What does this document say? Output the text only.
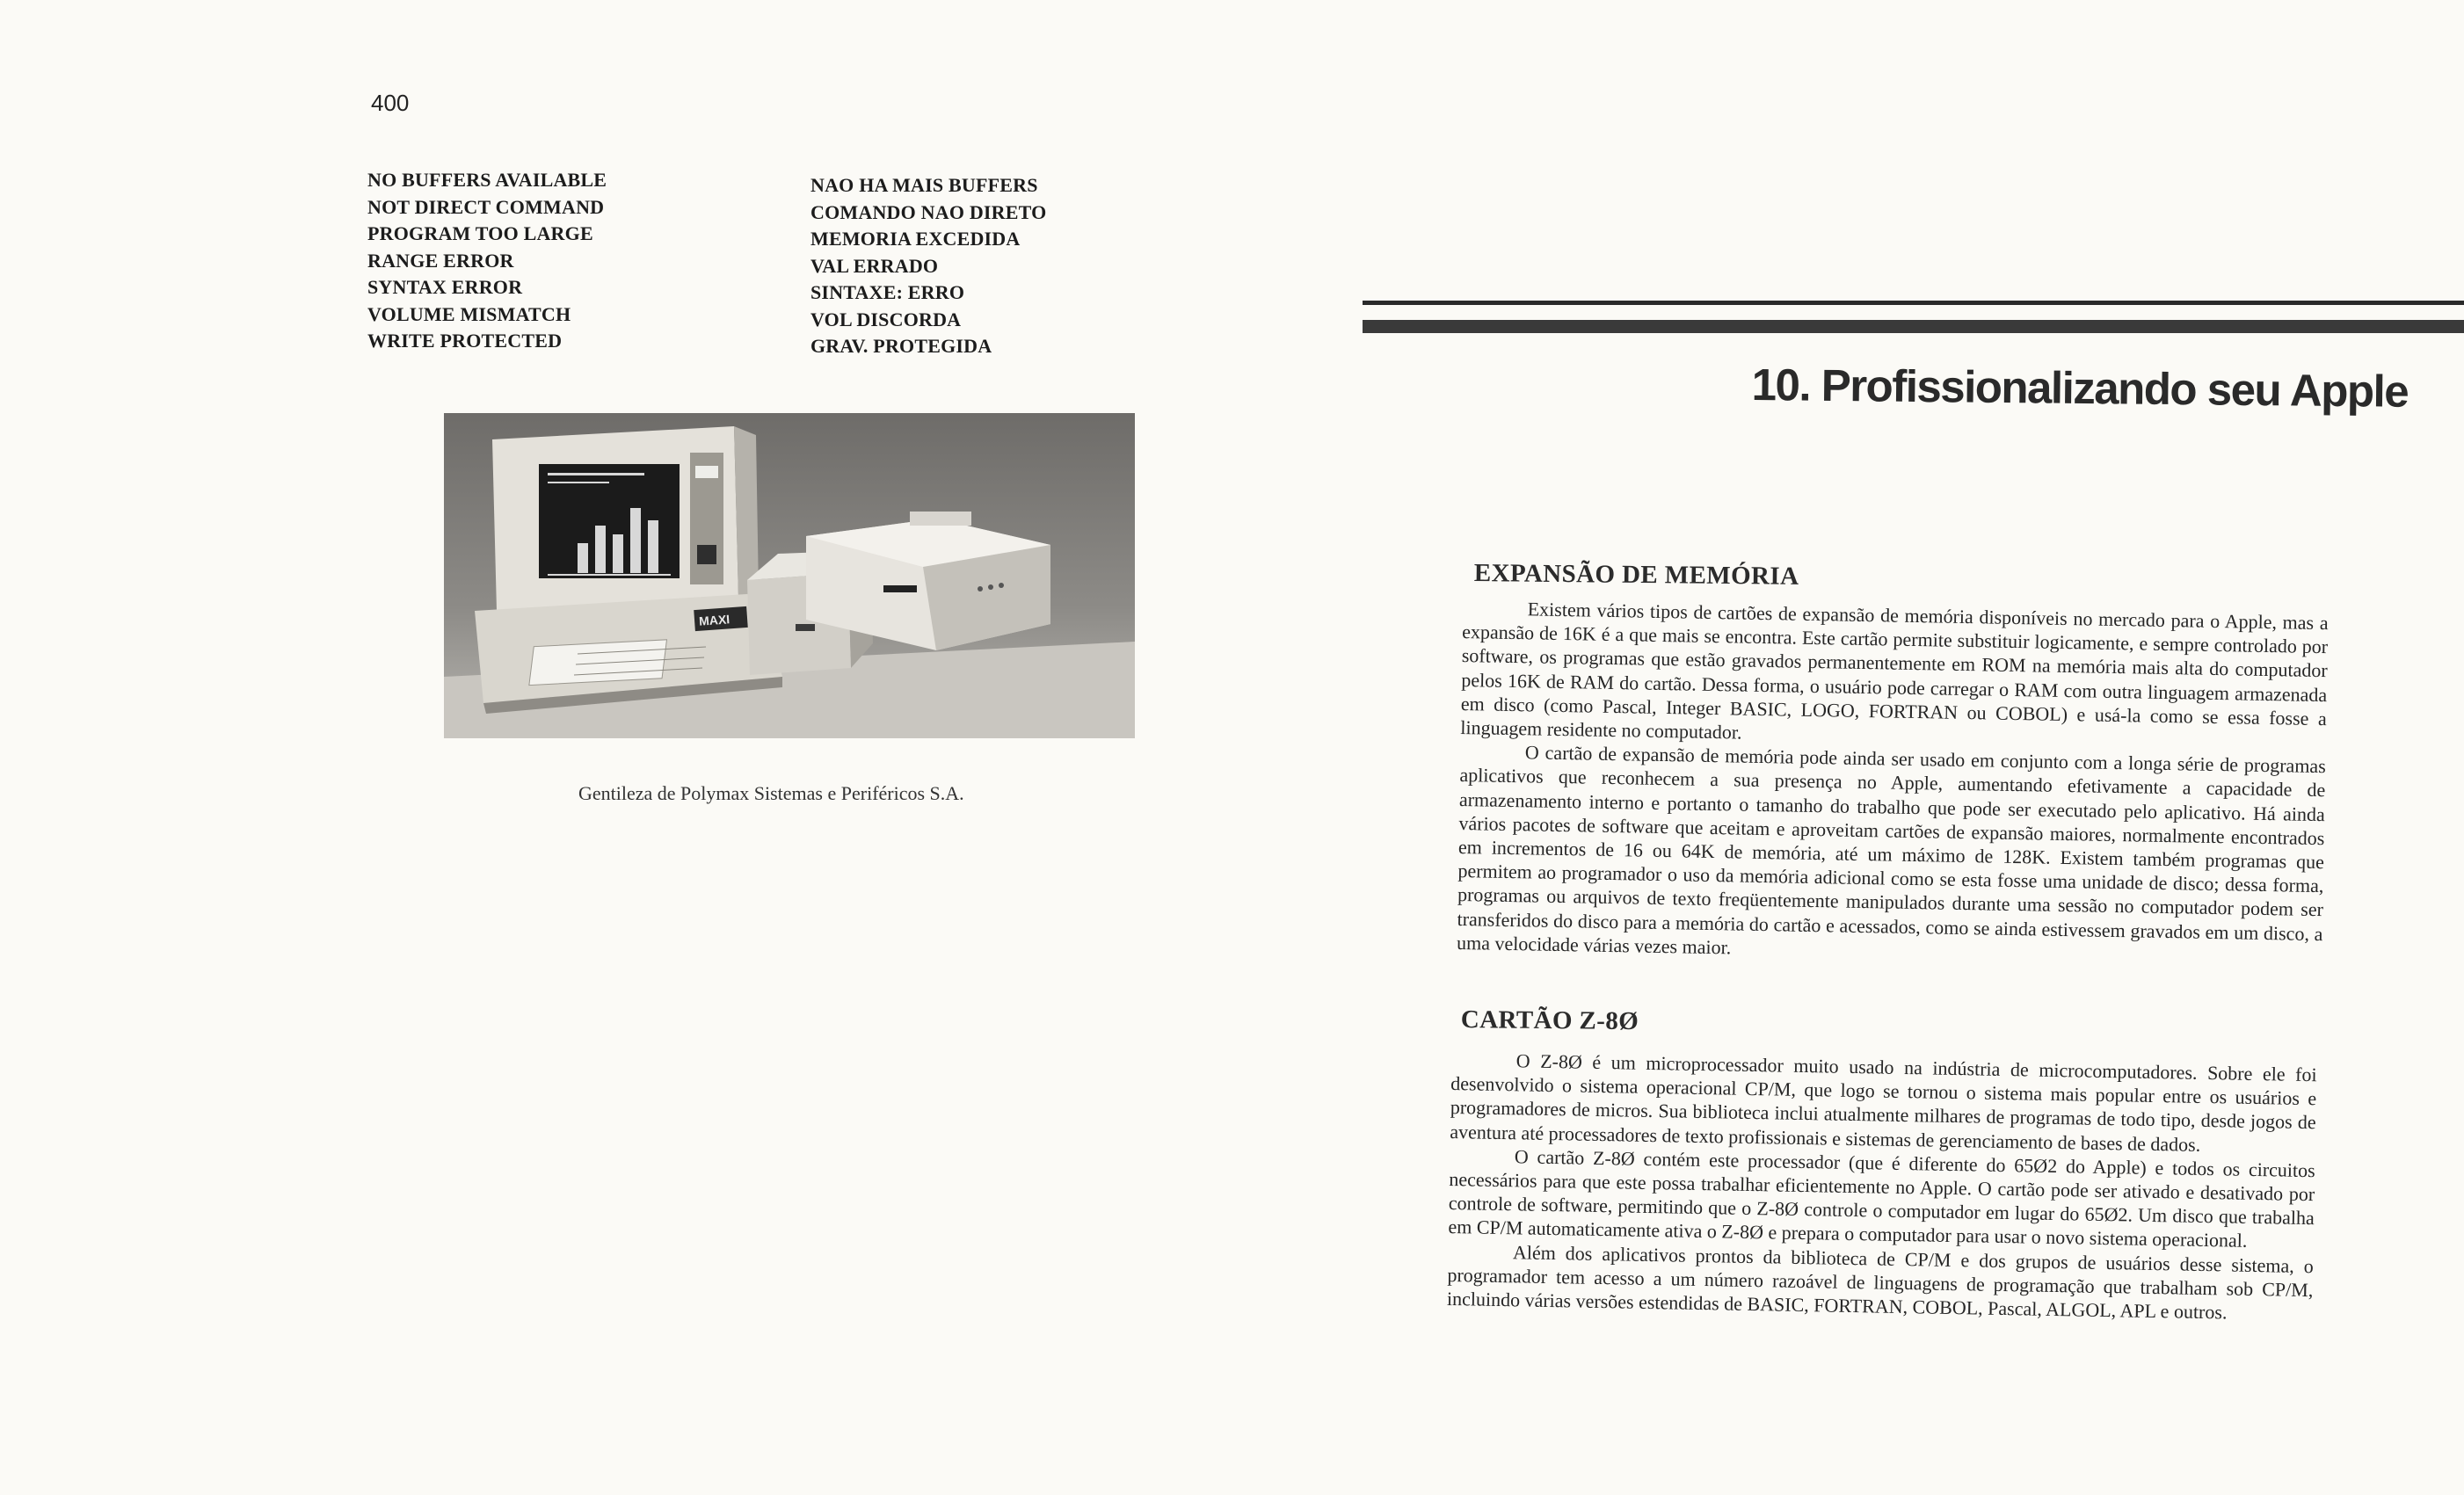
400
NO BUFFERS AVAILABLE
NOT DIRECT COMMAND
PROGRAM TOO LARGE
RANGE ERROR
SYNTAX ERROR
VOLUME MISMATCH
WRITE PROTECTED
NAO HA MAIS BUFFERS
COMANDO NAO DIRETO
MEMORIA EXCEDIDA
VAL ERRADO
SINTAXE: ERRO
VOL DISCORDA
GRAV. PROTEGIDA
MAXI
Gentileza de Polymax Sistemas e Periféricos S.A.
10. Profissionalizando seu Apple
EXPANSÃO DE MEMÓRIA

Existem vários tipos de cartões de expansão de memória disponíveis no mercado para o Apple, mas a expansão de 16K é a que mais se encontra. Este cartão permite substituir logicamente, e sempre controlado por software, os programas que estão gravados permanentemente em ROM na memória mais alta do computador pelos 16K de RAM do cartão. Dessa forma, o usuário pode carregar o RAM com outra linguagem armazenada em disco (como Pascal, Integer BASIC, LOGO, FORTRAN ou COBOL) e usá-la como se essa fosse a linguagem residente no computador.

O cartão de expansão de memória pode ainda ser usado em conjunto com a longa série de programas aplicativos que reconhecem a sua presença no Apple, aumentando efetivamente a capacidade de armazenamento interno e portanto o tamanho do trabalho que pode ser executado pelo aplicativo. Há ainda vários pacotes de software que aceitam e aproveitam cartões de expansão maiores, normalmente encontrados em incrementos de 16 ou 64K de memória, até um máximo de 128K. Existem também programas que permitem ao programador o uso da memória adicional como se esta fosse uma unidade de disco; dessa forma, programas ou arquivos de texto freqüentemente manipulados durante uma sessão no computador podem ser transferidos do disco para a memória do cartão e acessados, como se ainda estivessem gravados em um disco, a uma velocidade várias vezes maior.

CARTÃO Z-8Ø

O Z-8Ø é um microprocessador muito usado na indústria de microcomputadores. Sobre ele foi desenvolvido o sistema operacional CP/M, que logo se tornou o sistema mais popular entre os usuários e programadores de micros. Sua biblioteca inclui atualmente milhares de programas de todo tipo, desde jogos de aventura até processadores de texto profissionais e sistemas de gerenciamento de bases de dados.

O cartão Z-8Ø contém este processador (que é diferente do 65Ø2 do Apple) e todos os circuitos necessários para que este possa trabalhar eficientemente no Apple. O cartão pode ser ativado e desativado por controle de software, permitindo que o Z-8Ø controle o computador em lugar do 65Ø2. Um disco que trabalha em CP/M automaticamente ativa o Z-8Ø e prepara o computador para usar o novo sistema operacional.

Além dos aplicativos prontos da biblioteca de CP/M e dos grupos de usuários desse sistema, o programador tem acesso a um número razoável de linguagens de programação que trabalham sob CP/M, incluindo várias versões estendidas de BASIC, FORTRAN, COBOL, Pascal, ALGOL, APL e outros.
